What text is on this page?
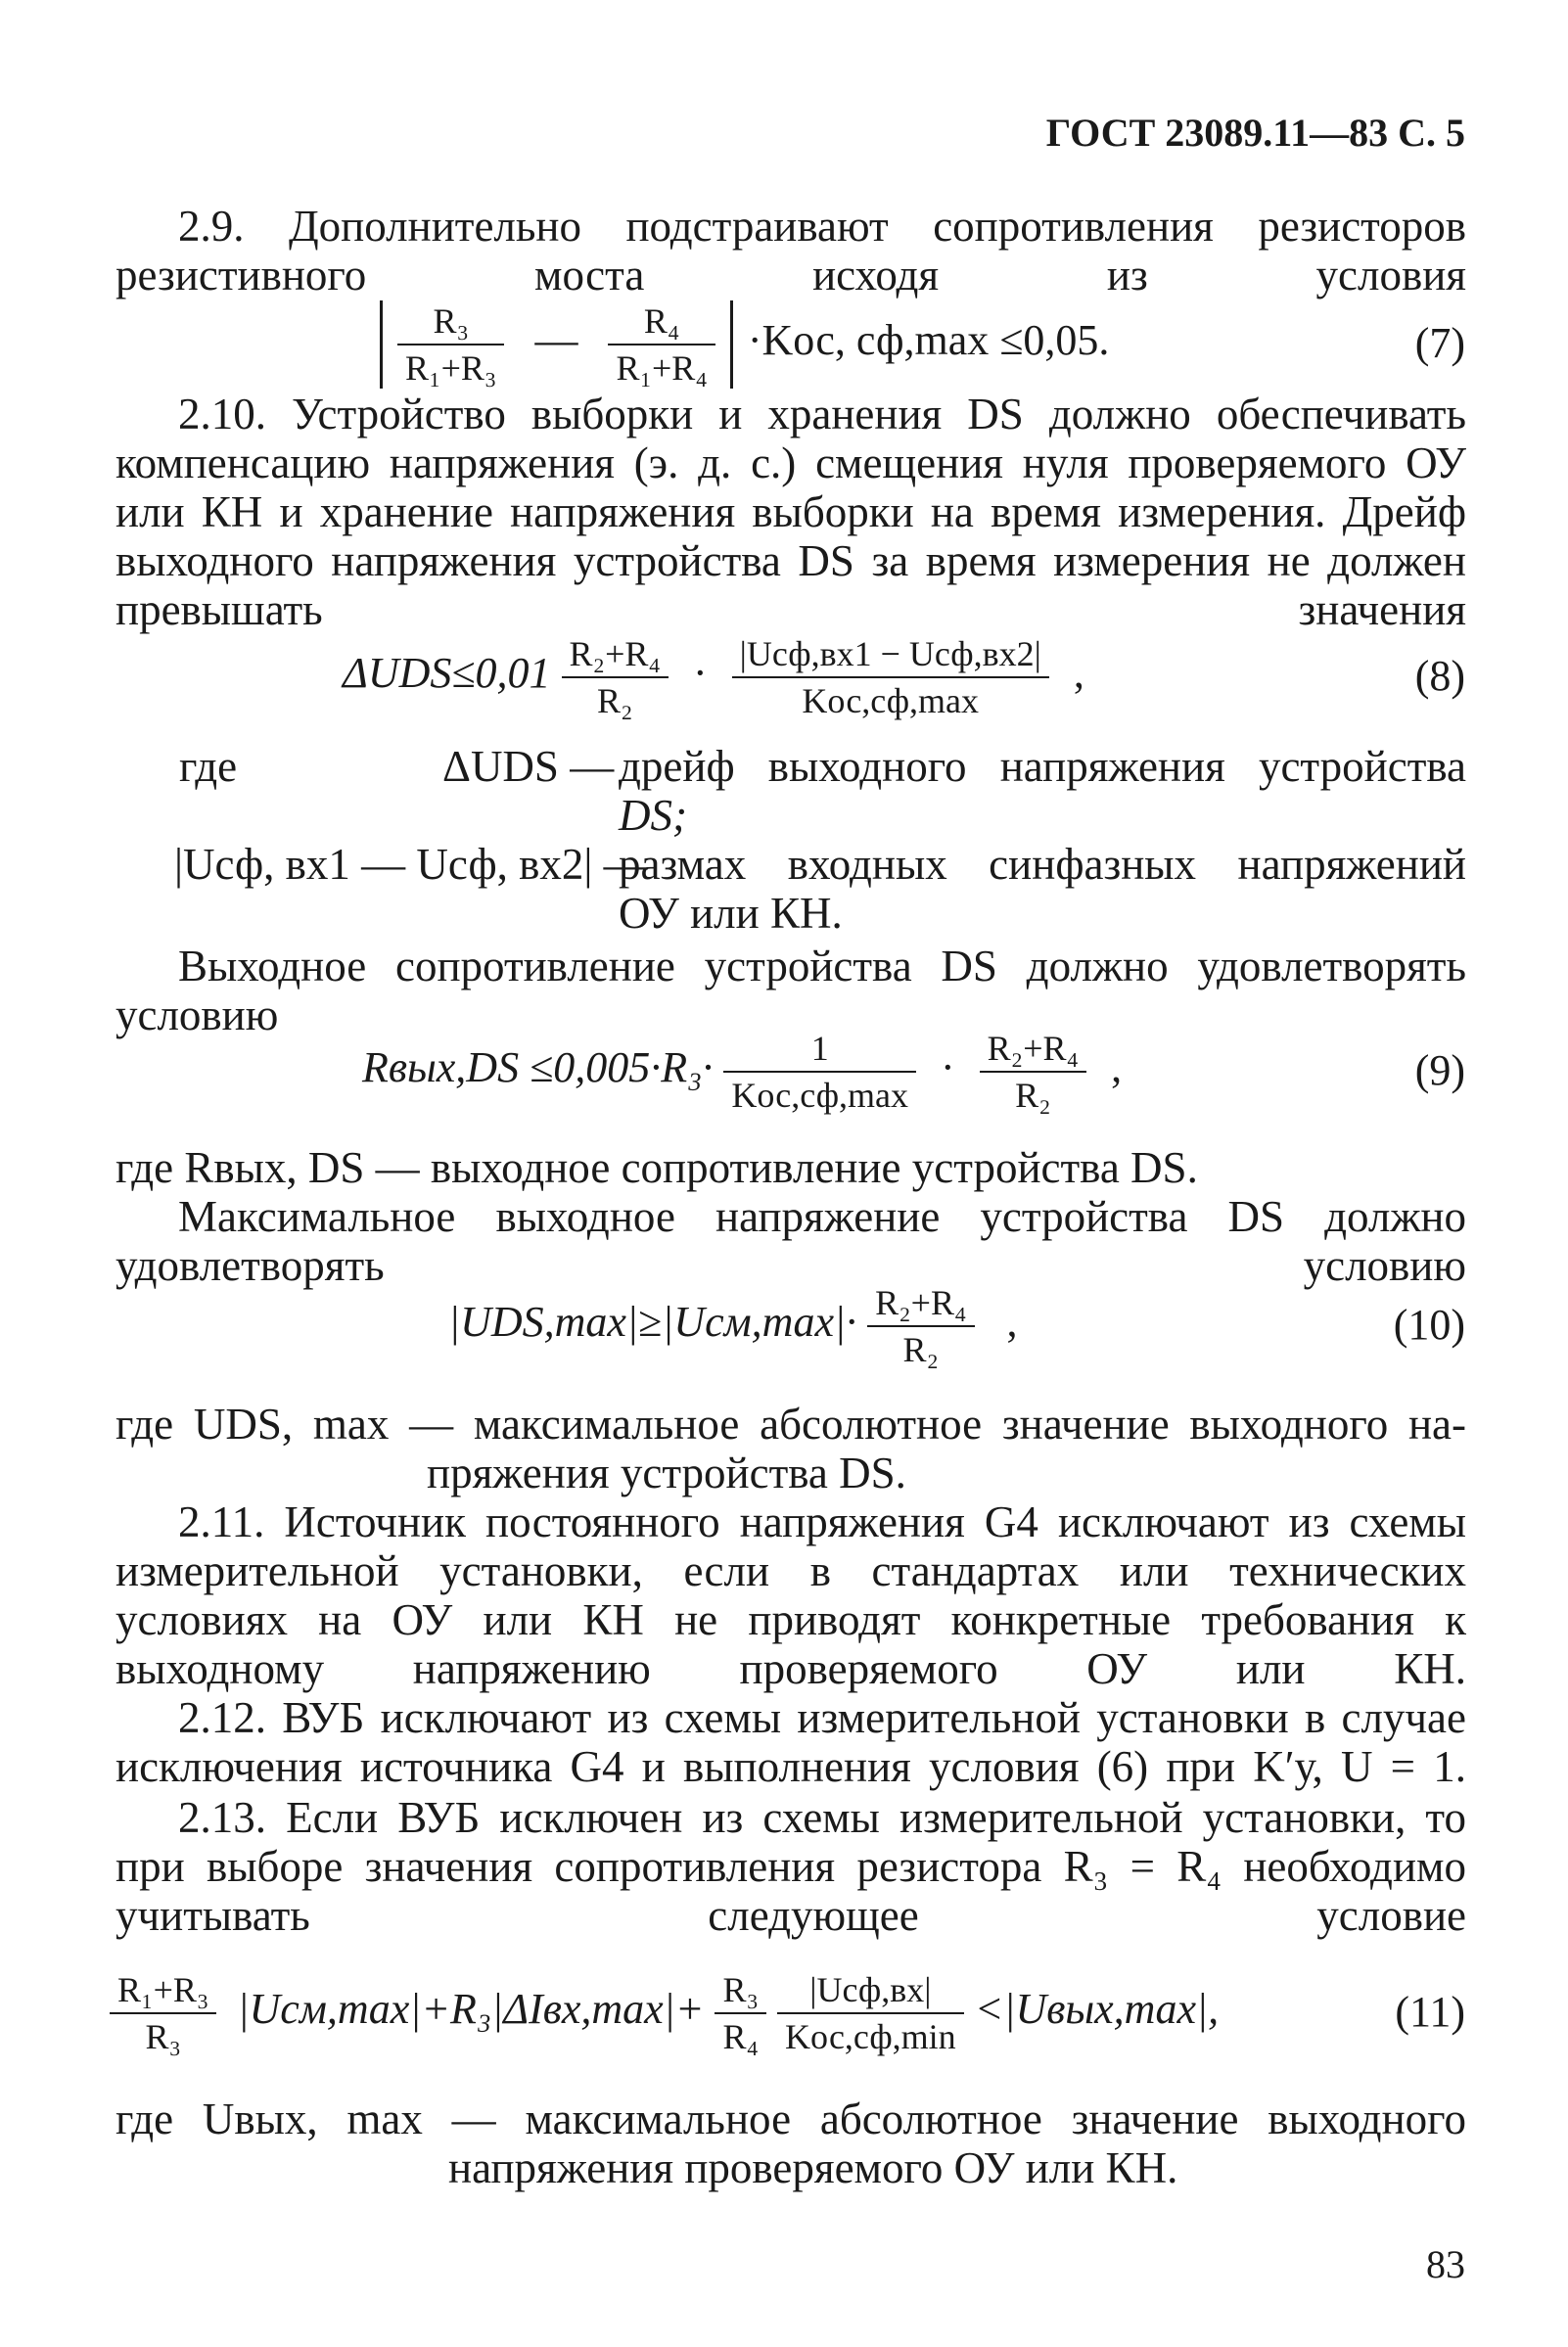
ГОСТ 23089.11—83 С. 5
2.9. Дополнительно подстраивают сопротивления резисторов резистивного моста исходя из условия

$\frac{\text{R₃}}{\text{R₁+R₃}}$ — $\frac{\text{R₄}}{\text{R₁+R₄}} \cdot Kос$, сф,max ≤0,05.	(7)
2.10. Устройство выборки и хранения DS должно обеспечивать компенсацию напряжения (э. д. с.) смещения нуля проверяемого ОУ или КН и хранение напряжения выборки на время измерения. Дрейф выходного напряжения устройства DS за время измерения не должен превышать значения
$\Delta UDS\le 0,01 \frac{\text{R₂+R₄}}{\text{R₂}} \cdot \frac{\text{|Uсф,вх1 − Uсф,вх2|}}{\text{Kос,сф,max}}$ ,	(8)
где	ΔUDS — дрейф выходного напряжения устройства
DS;
|Uсф, вх1 — Uсф, вх2| —
размах входных синфазных напряжений
ОУ или КН.
Выходное сопротивление устройства DS должно удовлетворять условию
Rвых,DS $\le 0,005\cdot R_3\cdot \frac{1}{\text{Kос,сф,max}} \cdot \frac{\text{R₂+R₄}}{\text{R₂}}$ ,	(9)
где Rвых, DS — выходное сопротивление устройства DS.
Максимальное выходное напряжение устройства DS должно удовлетворять условию
$|UDS,\max|\ge|Uсм,\max|\cdot \frac{\text{R₂+R₄}}{\text{R₂}}$ ,	(10)
где UDS, max — максимальное абсолютное значение выходного на-
пряжения устройства DS.
2.11. Источник постоянного напряжения G4 исключают из схемы измерительной установки, если в стандартах или технических условиях на ОУ или КН не приводят конкретные требования к выходному напряжению проверяемого ОУ или КН.
2.12. ВУБ исключают из схемы измерительной установки в случае исключения источника G4 и выполнения условия (6) при K′у, U = 1.
2.13. Если ВУБ исключен из схемы измерительной установки, то при выборе значения сопротивления резистора R₃ = R₄ необходимо учитывать следующее условие
$\frac{\text{R₁+R₃}}{\text{R₃}} |Uсм,\max|+R_3|\Delta Iвх,\max|+ \frac{\text{R₃}}{\text{R₄}}$
$\frac{\text{|Uсф,вх|}}{\text{Kос,сф,min}}$ <|Uвых,max|,	(11)
где Uвых, max — максимальное абсолютное значение выходного
напряжения проверяемого ОУ или КН.
83
